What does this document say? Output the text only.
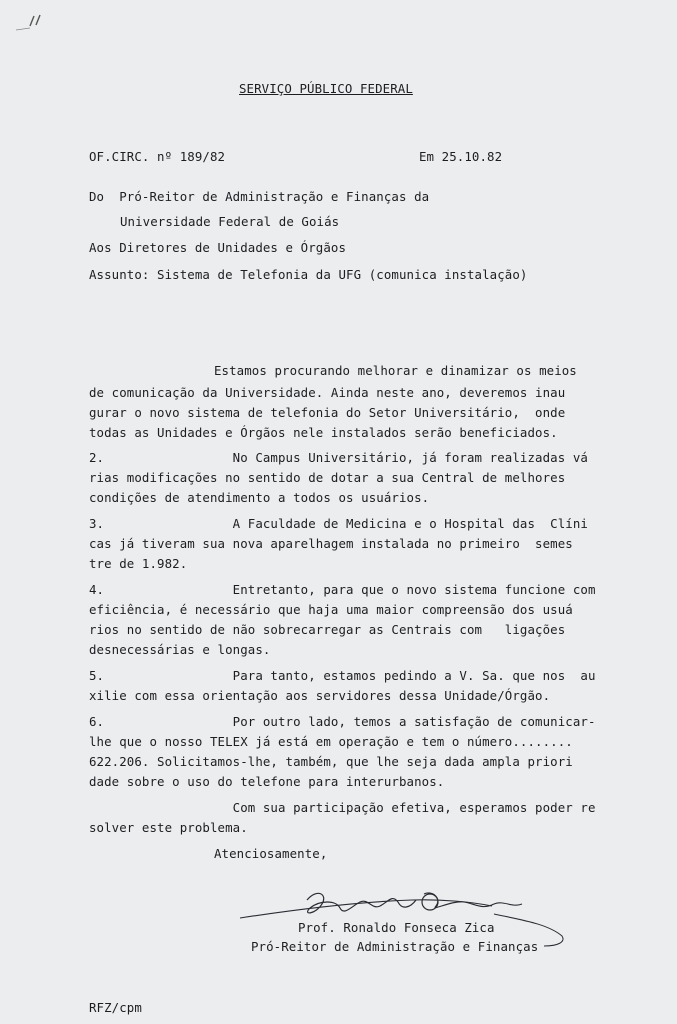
SERVIÇO PÚBLICO FEDERAL
OF.CIRC. nº 189/82	Em 25.10.82
Do  Pró-Reitor de Administração e Finanças da
Universidade Federal de Goiás
Aos Diretores de Unidades e Órgãos
Assunto: Sistema de Telefonia da UFG (comunica instalação)
Estamos procurando melhorar e dinamizar os meios
de comunicação da Universidade. Ainda neste ano, deveremos inau
gurar o novo sistema de telefonia do Setor Universitário,  onde
todas as Unidades e Órgãos nele instalados serão beneficiados.
2.                 No Campus Universitário, já foram realizadas vá
rias modificações no sentido de dotar a sua Central de melhores
condições de atendimento a todos os usuários.
3.                 A Faculdade de Medicina e o Hospital das  Clíni
cas já tiveram sua nova aparelhagem instalada no primeiro  semes
tre de 1.982.
4.                 Entretanto, para que o novo sistema funcione com
eficiência, é necessário que haja uma maior compreensão dos usuá
rios no sentido de não sobrecarregar as Centrais com   ligações
desnecessárias e longas.
5.                 Para tanto, estamos pedindo a V. Sa. que nos  au
xilie com essa orientação aos servidores dessa Unidade/Órgão.
6.                 Por outro lado, temos a satisfação de comunicar-
lhe que o nosso TELEX já está em operação e tem o número........
622.206. Solicitamos-lhe, também, que lhe seja dada ampla priori
dade sobre o uso do telefone para interurbanos.
Com sua participação efetiva, esperamos poder re
solver este problema.
Atenciosamente,
Prof. Ronaldo Fonseca Zica
Pró-Reitor de Administração e Finanças
RFZ/cpm
